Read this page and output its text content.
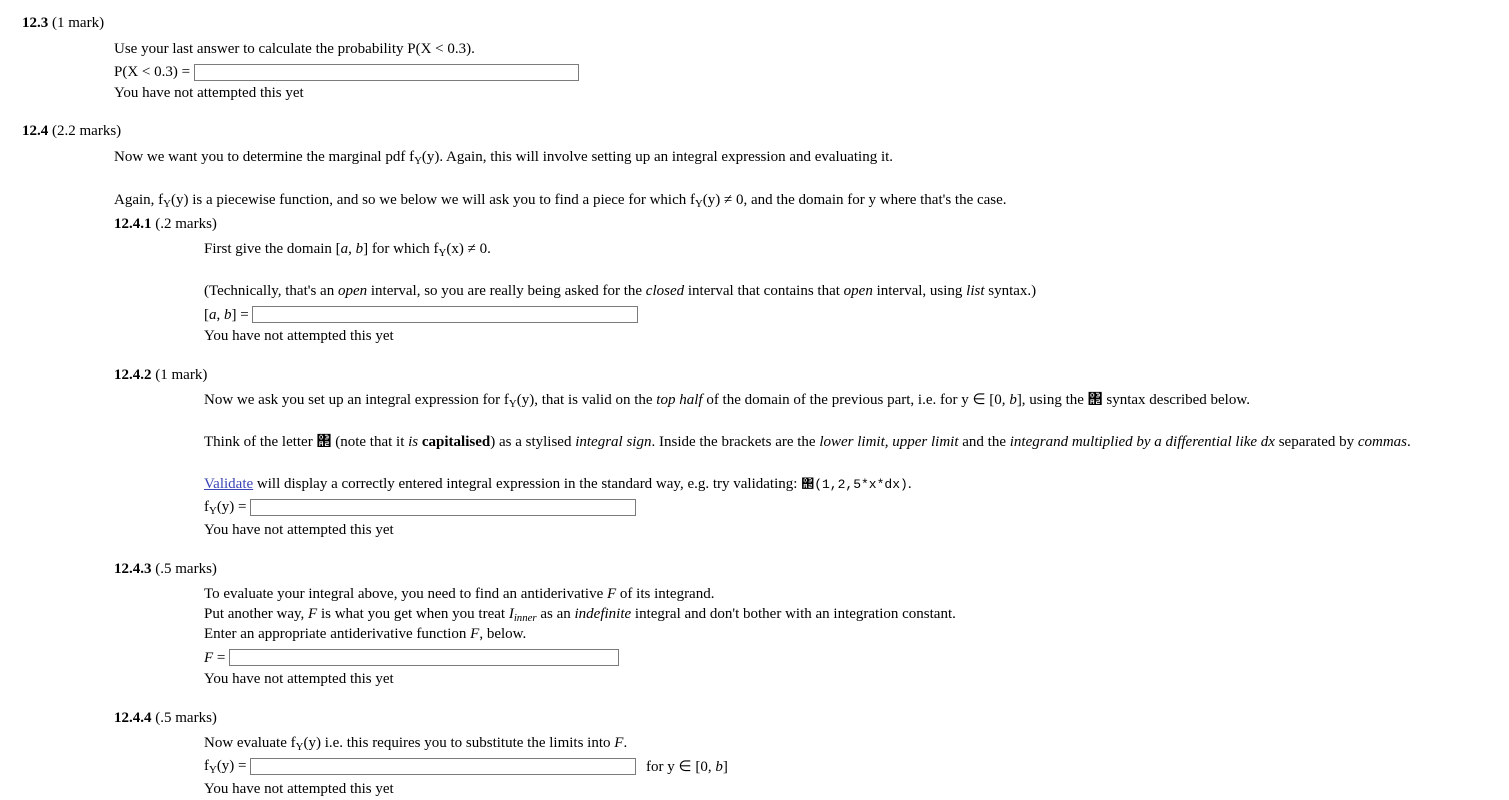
12.3 (1 mark)
Use your last answer to calculate the probability P(X < 0.3).
P(X < 0.3) =
You have not attempted this yet
12.4 (2.2 marks)
Now we want you to determine the marginal pdf $f_Y(y)$. Again, this will involve setting up an integral expression and evaluating it.
Again, $f_Y(y)$ is a piecewise function, and so we below we will ask you to find a piece for which $f_Y(y) \ne 0$, and the domain for y where that's the case.
12.4.1 (.2 marks)
First give the domain [a, b] for which $f_Y(x) \ne 0$.
(Technically, that's an open interval, so you are really being asked for the closed interval that contains that open interval, using list syntax.)
[a, b] =
You have not attempted this yet
12.4.2 (1 mark)
Now we ask you set up an integral expression for $f_Y(y)$, that is valid on the top half of the domain of the previous part, i.e. for y ∈ [0, b], using the ΢ syntax described below.
Think of the letter ΢ (note that it is capitalised) as a stylised integral sign. Inside the brackets are the lower limit, upper limit and the integrand multiplied by a differential like dx separated by commas.
Validate will display a correctly entered integral expression in the standard way, e.g. try validating: ΢(1,2,5*x*dx).
$f_Y(y)$ =
You have not attempted this yet
12.4.3 (.5 marks)
To evaluate your integral above, you need to find an antiderivative F of its integrand.
Put another way, F is what you get when you treat $I_{inner}$ as an indefinite integral and don't bother with an integration constant.
Enter an appropriate antiderivative function F, below.
F =
You have not attempted this yet
12.4.4 (.5 marks)
Now evaluate $f_Y(y)$ i.e. this requires you to substitute the limits into F.
$f_Y(y)$ =	for y ∈ [0, b]
You have not attempted this yet
